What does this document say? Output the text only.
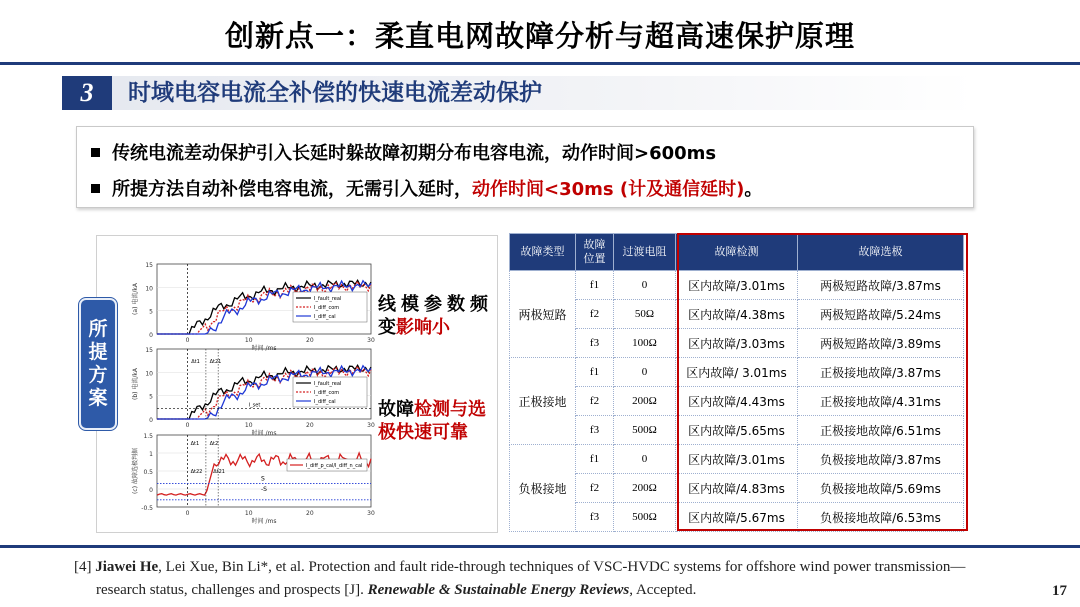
创新点一：柔直电网故障分析与超高速保护原理
3	时域电容电流全补偿的快速电流差动保护
传统电流差动保护引入长延时躲故障初期分布电容电流，动作时间>600ms
所提方法自动补偿电容电流，无需引入延时，动作时间<30ms (计及通信延时)。
15
10
5
0
0	10	20	30
时间 /ms
(a) 电流/kA	I_fault_real
I_diff_com
I_diff_cal
15
10
5
0
0	10	20	30
时间 /ms
(b) 电流/kA	I_fault_real
I_diff_com
I_diff_cal
I_set
Δt1 Δt21
1.5
1
0.5
0
-0.5
0	10	20	30
时间 /ms
(c) 故障选极判据	S
-S
I_diff_p_cal/I_diff_n_cal
Δt1 Δt2
Δt22 Δt21
所
提
方
案
线模参数频
变影响小
故障检测与选
极快速可靠
故障类型	故障位置	过渡电阻	故障检测	故障选极
两极短路	f1	0	区内故障/3.01ms	两极短路故障/3.87ms
	f2	50Ω	区内故障/4.38ms	两极短路故障/5.24ms
	f3	100Ω	区内故障/3.03ms	两极短路故障/3.89ms
正极接地	f1	0	区内故障/ 3.01ms	正极接地故障/3.87ms
	f2	200Ω	区内故障/4.43ms	正极接地故障/4.31ms
	f3	500Ω	区内故障/5.65ms	正极接地故障/6.51ms
负极接地	f1	0	区内故障/3.01ms	负极接地故障/3.87ms
	f2	200Ω	区内故障/4.83ms	负极接地故障/5.69ms
	f3	500Ω	区内故障/5.67ms	负极接地故障/6.53ms
[4] Jiawei He, Lei Xue, Bin Li*, et al. Protection and fault ride-through techniques of VSC-HVDC systems for offshore wind power transmission—
research status, challenges and prospects [J]. Renewable & Sustainable Energy Reviews, Accepted.	17
